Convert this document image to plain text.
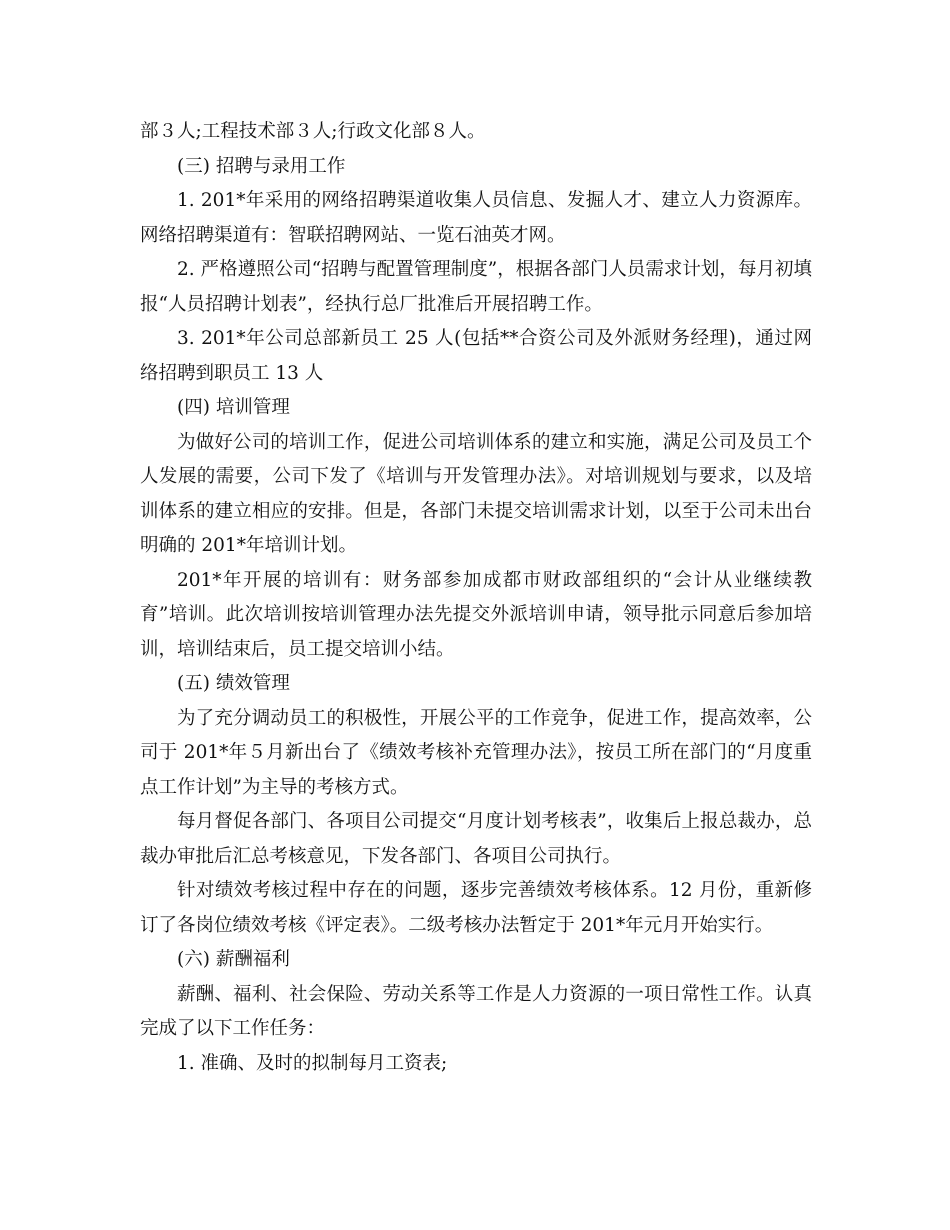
部３人;工程技术部３人;行政文化部８人。

(三) 招聘与录用工作

1. 201*年采用的网络招聘渠道收集人员信息、发掘人才、建立人力资源库。网络招聘渠道有：智联招聘网站、一览石油英才网。

2. 严格遵照公司“招聘与配置管理制度”，根据各部门人员需求计划，每月初填报“人员招聘计划表”，经执行总厂批准后开展招聘工作。

3. 201*年公司总部新员工 25 人(包括**合资公司及外派财务经理)，通过网络招聘到职员工 13 人

(四) 培训管理

为做好公司的培训工作，促进公司培训体系的建立和实施，满足公司及员工个人发展的需要，公司下发了《培训与开发管理办法》。对培训规划与要求，以及培训体系的建立相应的安排。但是，各部门未提交培训需求计划，以至于公司未出台明确的 201*年培训计划。

201*年开展的培训有：财务部参加成都市财政部组织的“会计从业继续教育”培训。此次培训按培训管理办法先提交外派培训申请，领导批示同意后参加培训，培训结束后，员工提交培训小结。

(五) 绩效管理

为了充分调动员工的积极性，开展公平的工作竞争，促进工作，提高效率，公司于 201*年５月新出台了《绩效考核补充管理办法》，按员工所在部门的“月度重点工作计划”为主导的考核方式。

每月督促各部门、各项目公司提交“月度计划考核表”，收集后上报总裁办，总裁办审批后汇总考核意见，下发各部门、各项目公司执行。

针对绩效考核过程中存在的问题，逐步完善绩效考核体系。12 月份，重新修订了各岗位绩效考核《评定表》。二级考核办法暂定于 201*年元月开始实行。

(六) 薪酬福利

薪酬、福利、社会保险、劳动关系等工作是人力资源的一项日常性工作。认真完成了以下工作任务：

1. 准确、及时的拟制每月工资表;
